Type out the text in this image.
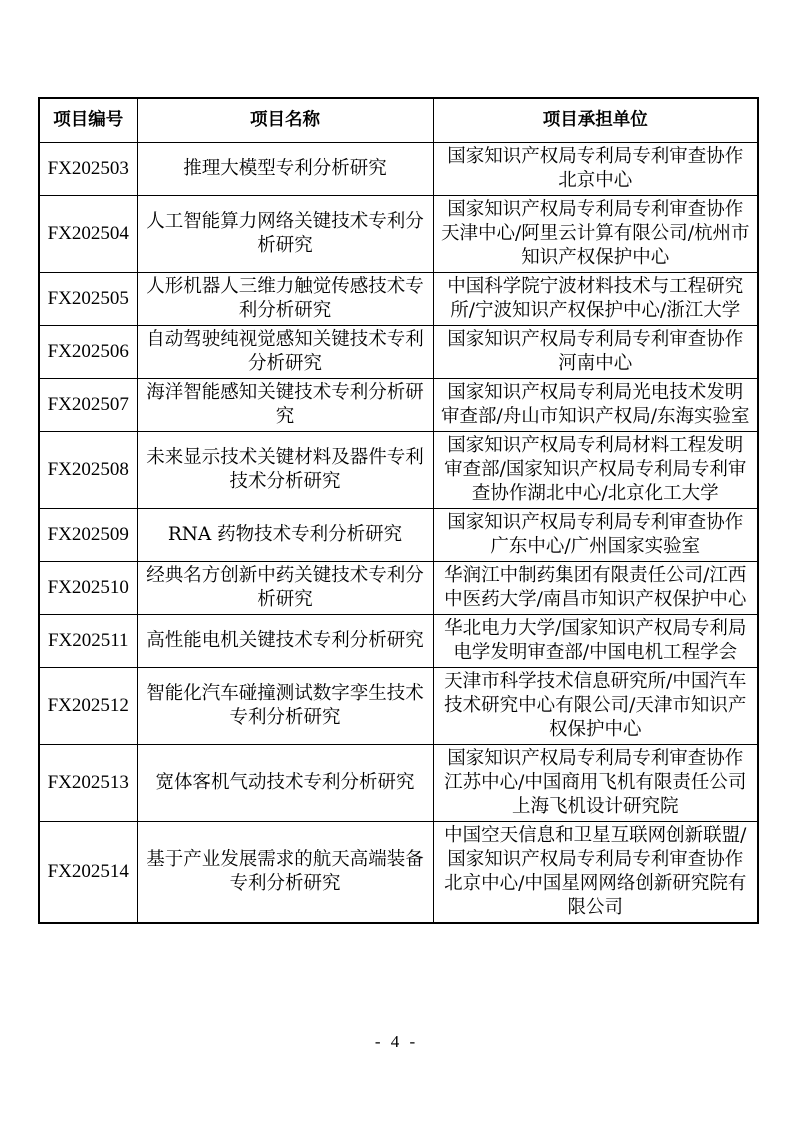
项目编号	项目名称	项目承担单位
FX202503	推理大模型专利分析研究	国家知识产权局专利局专利审查协作北京中心
FX202504	人工智能算力网络关键技术专利分析研究	国家知识产权局专利局专利审查协作天津中心/阿里云计算有限公司/杭州市知识产权保护中心
FX202505	人形机器人三维力触觉传感技术专利分析研究	中国科学院宁波材料技术与工程研究所/宁波知识产权保护中心/浙江大学
FX202506	自动驾驶纯视觉感知关键技术专利分析研究	国家知识产权局专利局专利审查协作河南中心
FX202507	海洋智能感知关键技术专利分析研究	国家知识产权局专利局光电技术发明审查部/舟山市知识产权局/东海实验室
FX202508	未来显示技术关键材料及器件专利技术分析研究	国家知识产权局专利局材料工程发明审查部/国家知识产权局专利局专利审查协作湖北中心/北京化工大学
FX202509	RNA 药物技术专利分析研究	国家知识产权局专利局专利审查协作广东中心/广州国家实验室
FX202510	经典名方创新中药关键技术专利分析研究	华润江中制药集团有限责任公司/江西中医药大学/南昌市知识产权保护中心
FX202511	高性能电机关键技术专利分析研究	华北电力大学/国家知识产权局专利局电学发明审查部/中国电机工程学会
FX202512	智能化汽车碰撞测试数字孪生技术专利分析研究	天津市科学技术信息研究所/中国汽车技术研究中心有限公司/天津市知识产权保护中心
FX202513	宽体客机气动技术专利分析研究	国家知识产权局专利局专利审查协作江苏中心/中国商用飞机有限责任公司上海飞机设计研究院
FX202514	基于产业发展需求的航天高端装备专利分析研究	中国空天信息和卫星互联网创新联盟/国家知识产权局专利局专利审查协作北京中心/中国星网网络创新研究院有限公司
- 4 -
